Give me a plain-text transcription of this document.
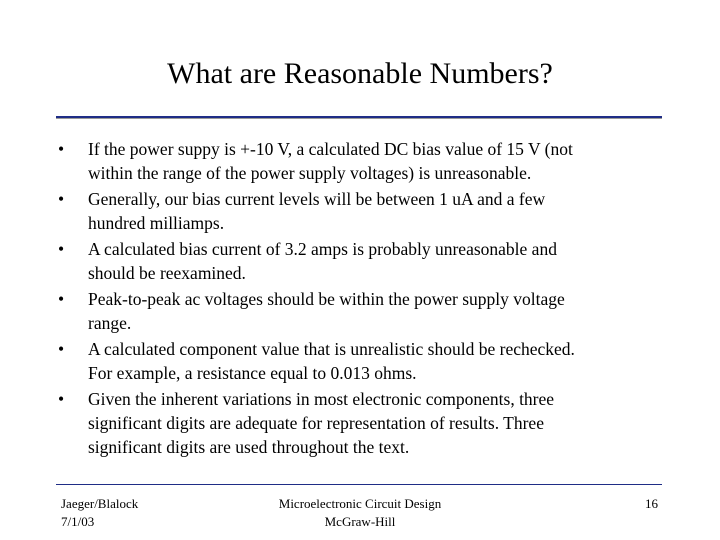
What are Reasonable Numbers?
•	If the power suppy is +-10 V, a calculated DC bias value of 15 V (not
within the range of the power supply voltages) is unreasonable.
•	Generally, our bias current levels will be between 1 uA and a few
hundred milliamps.
•	A calculated bias current of 3.2 amps is probably unreasonable and
should be reexamined.
•	Peak-to-peak ac voltages should be within the power supply voltage
range.
•	A calculated component value that is unrealistic should be rechecked.
For example, a resistance equal to 0.013 ohms.
•	Given the inherent variations in most electronic components, three
significant digits are adequate for representation of results. Three
significant digits are used throughout the text.
Jaeger/Blalock
7/1/03
Microelectronic Circuit Design
McGraw-Hill
16
